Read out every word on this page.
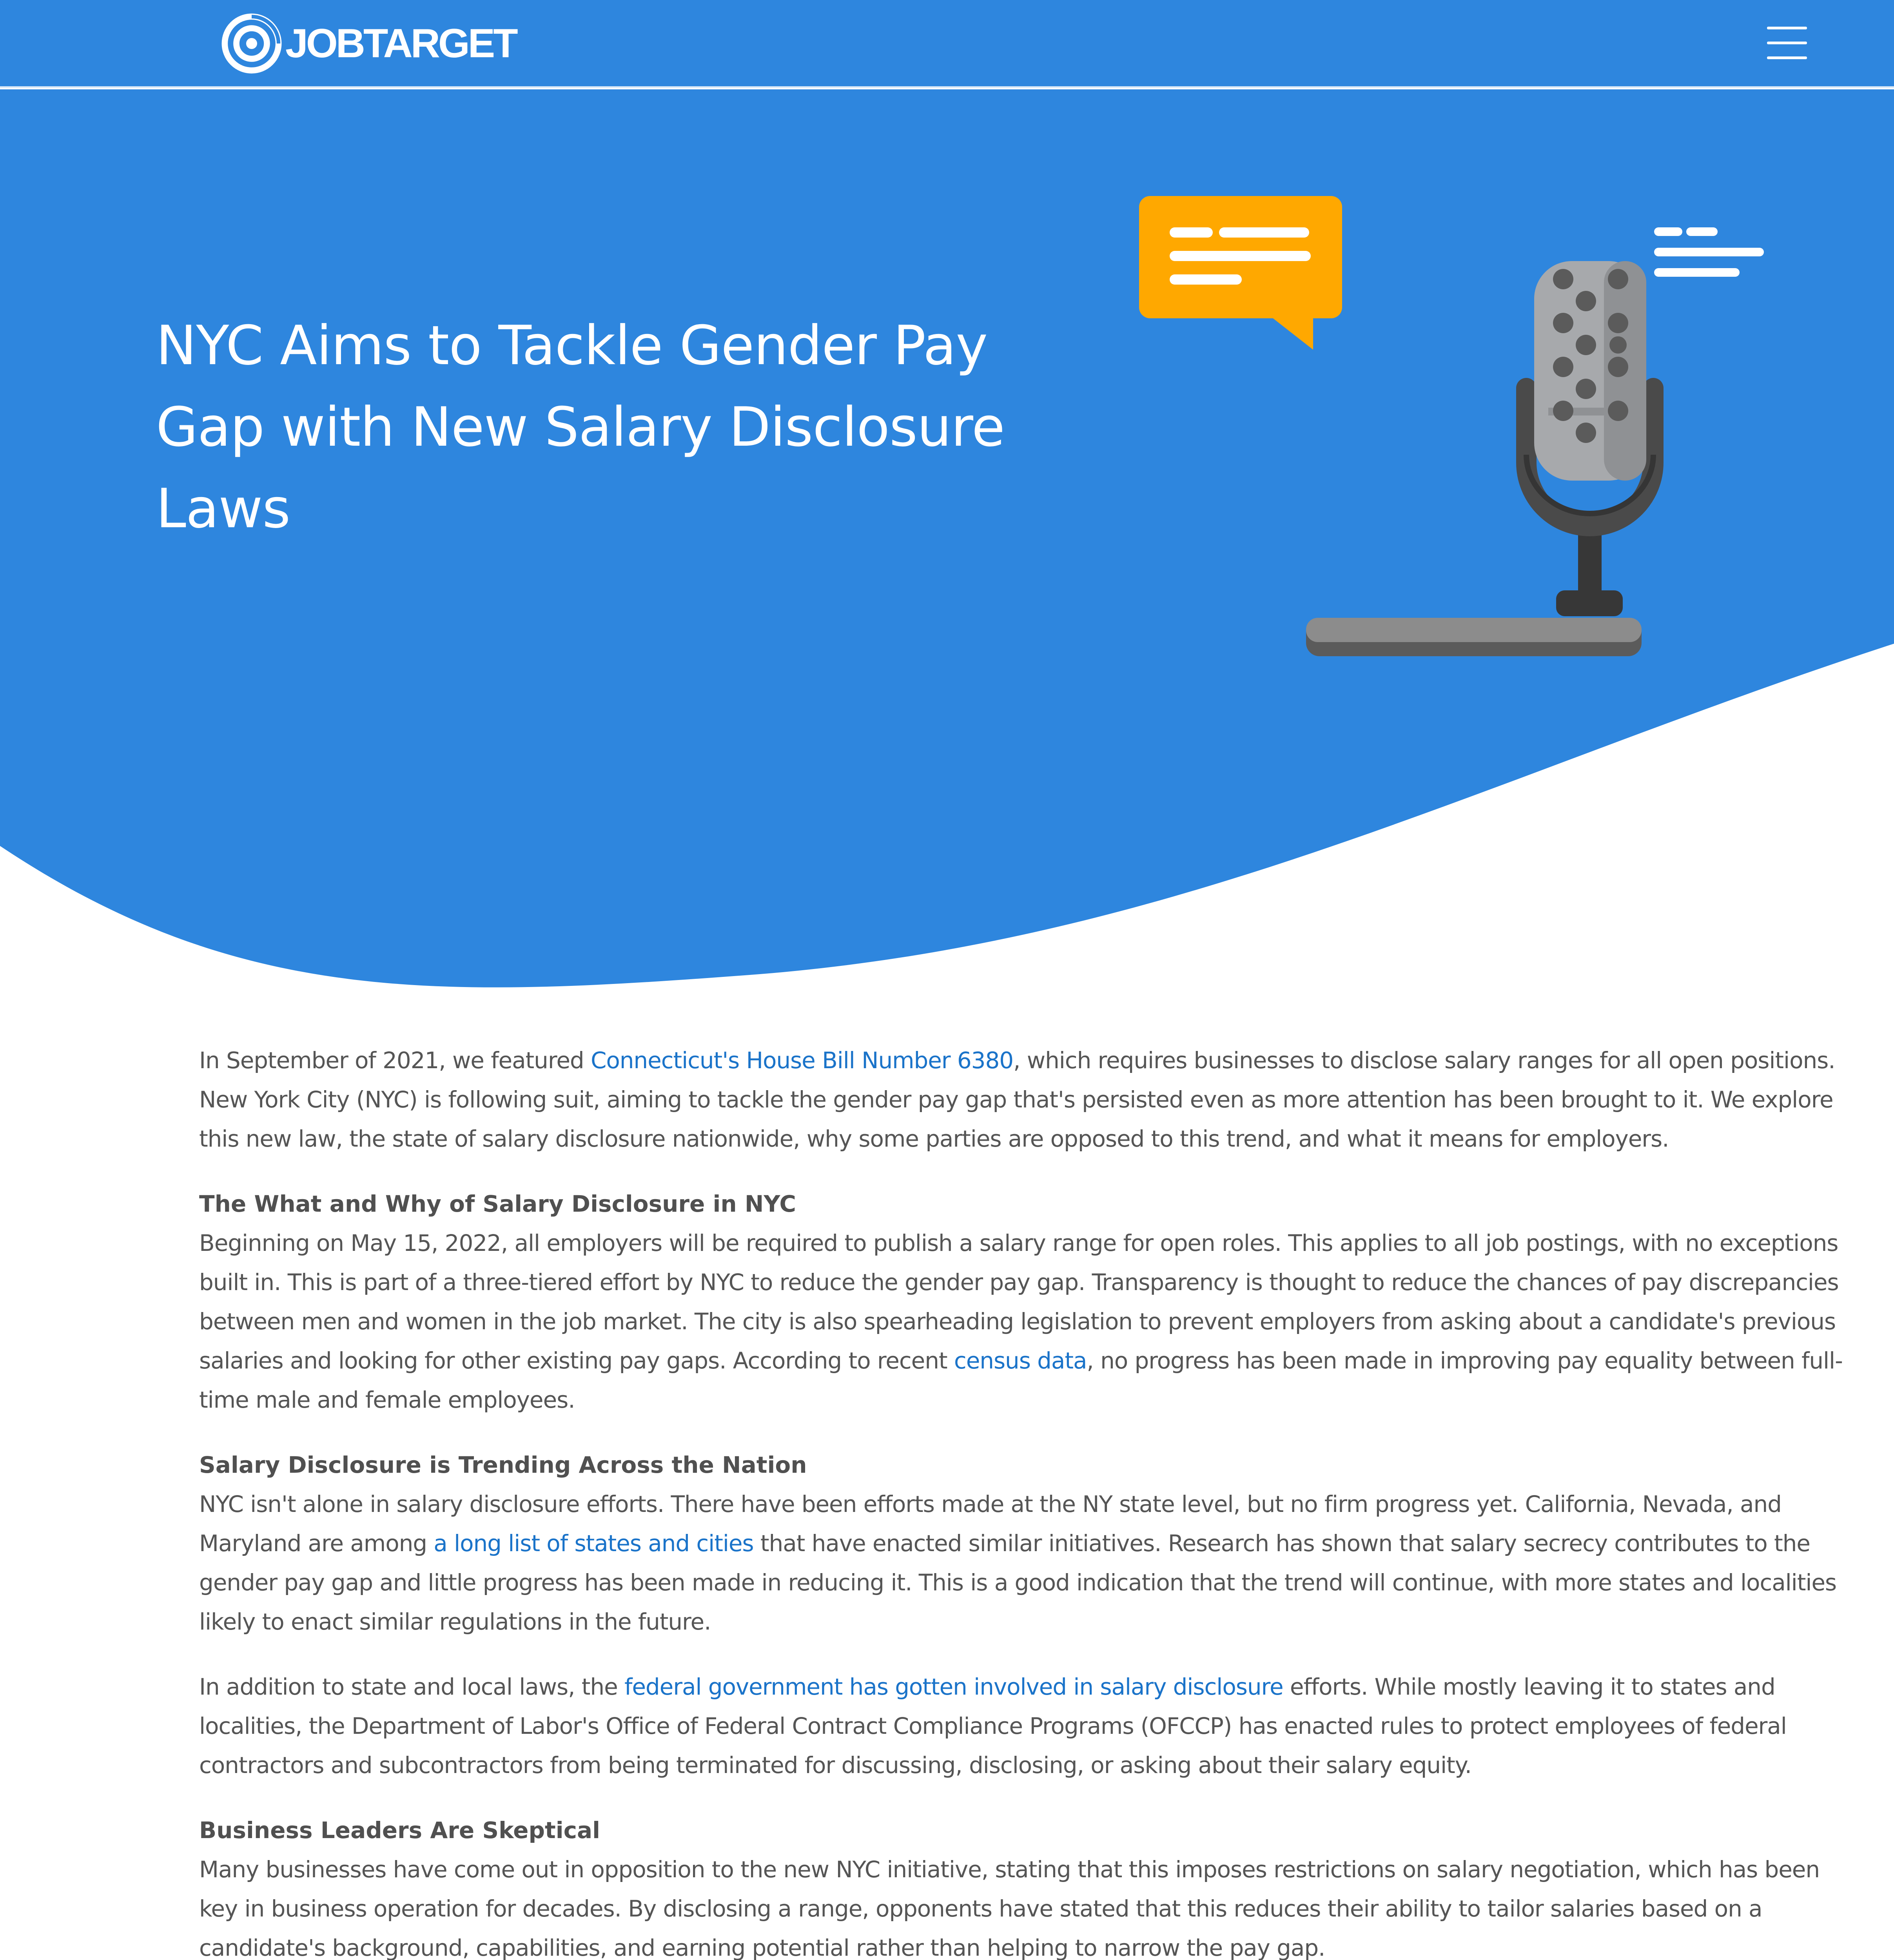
JOBTARGET
NYC Aims to Tackle Gender Pay Gap with New Salary Disclosure Laws

In September of 2021, we featured Connecticut's House Bill Number 6380, which requires businesses to disclose salary ranges for all open positions. New York City (NYC) is following suit, aiming to tackle the gender pay gap that's persisted even as more attention has been brought to it. We explore this new law, the state of salary disclosure nationwide, why some parties are opposed to this trend, and what it means for employers.

The What and Why of Salary Disclosure in NYC

Beginning on May 15, 2022, all employers will be required to publish a salary range for open roles. This applies to all job postings, with no exceptions built in. This is part of a three-tiered effort by NYC to reduce the gender pay gap. Transparency is thought to reduce the chances of pay discrepancies between men and women in the job market. The city is also spearheading legislation to prevent employers from asking about a candidate's previous salaries and looking for other existing pay gaps. According to recent census data, no progress has been made in improving pay equality between full-time male and female employees.

Salary Disclosure is Trending Across the Nation

NYC isn't alone in salary disclosure efforts. There have been efforts made at the NY state level, but no firm progress yet. California, Nevada, and Maryland are among a long list of states and cities that have enacted similar initiatives. Research has shown that salary secrecy contributes to the gender pay gap and little progress has been made in reducing it. This is a good indication that the trend will continue, with more states and localities likely to enact similar regulations in the future.

In addition to state and local laws, the federal government has gotten involved in salary disclosure efforts. While mostly leaving it to states and localities, the Department of Labor's Office of Federal Contract Compliance Programs (OFCCP) has enacted rules to protect employees of federal contractors and subcontractors from being terminated for discussing, disclosing, or asking about their salary equity.

Business Leaders Are Skeptical

Many businesses have come out in opposition to the new NYC initiative, stating that this imposes restrictions on salary negotiation, which has been key in business operation for decades. By disclosing a range, opponents have stated that this reduces their ability to tailor salaries based on a candidate's background, capabilities, and earning potential rather than helping to narrow the pay gap.
